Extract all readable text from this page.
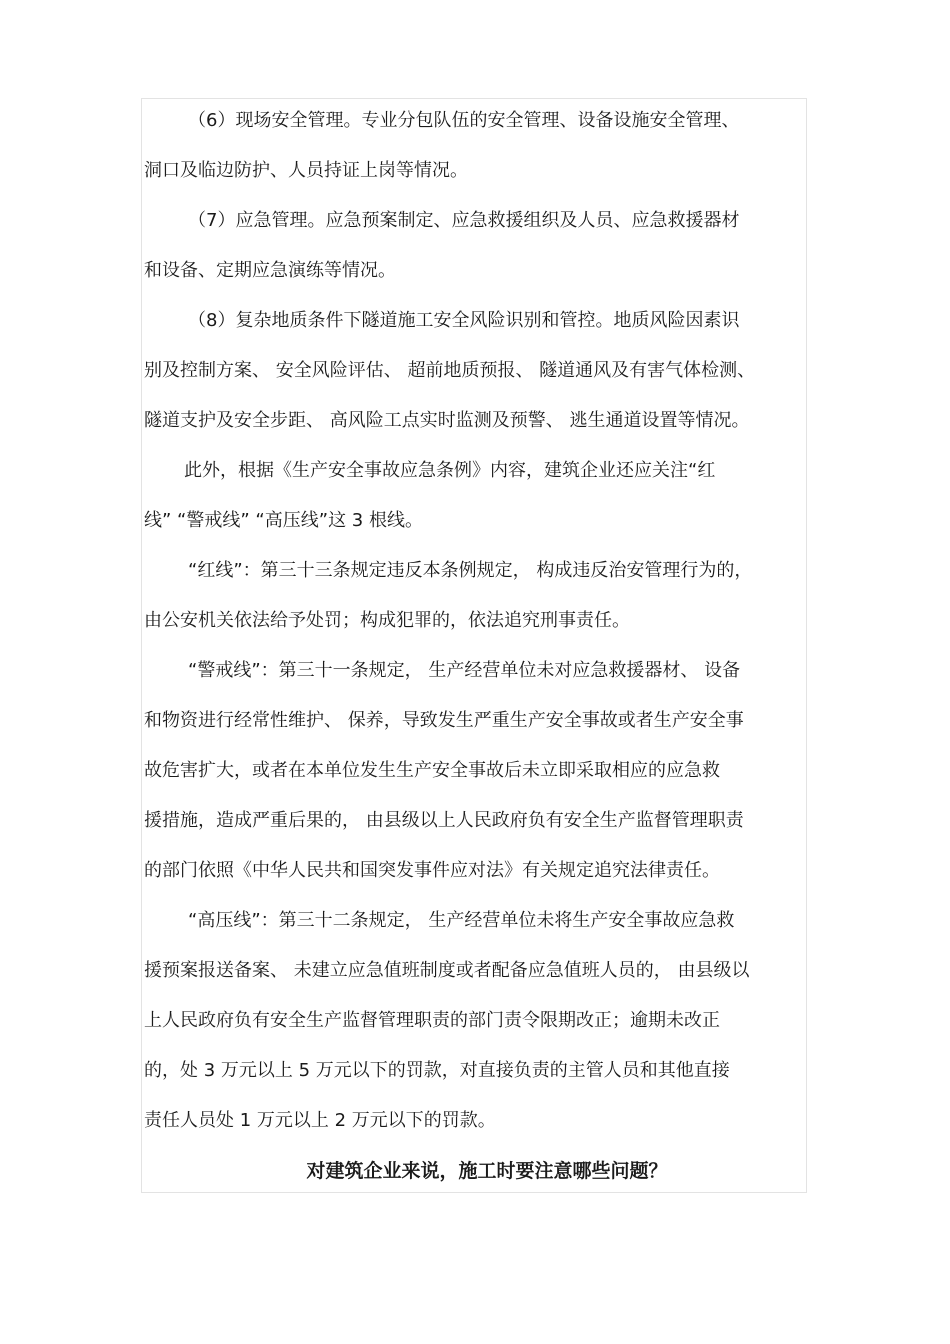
（6）现场安全管理。专业分包队伍的安全管理、设备设施安全管理、
洞口及临边防护、人员持证上岗等情况。
（7）应急管理。应急预案制定、应急救援组织及人员、应急救援器材
和设备、定期应急演练等情况。
（8）复杂地质条件下隧道施工安全风险识别和管控。地质风险因素识
别及控制方案、 安全风险评估、 超前地质预报、 隧道通风及有害气体检测、
隧道支护及安全步距、 高风险工点实时监测及预警、 逃生通道设置等情况。
此外，根据《生产安全事故应急条例》内容，建筑企业还应关注“红
线” “警戒线” “高压线”这 3 根线。
“红线”：第三十三条规定违反本条例规定， 构成违反治安管理行为的，
由公安机关依法给予处罚；构成犯罪的，依法追究刑事责任。
“警戒线”：第三十一条规定， 生产经营单位未对应急救援器材、 设备
和物资进行经常性维护、 保养，导致发生严重生产安全事故或者生产安全事
故危害扩大，或者在本单位发生生产安全事故后未立即采取相应的应急救
援措施，造成严重后果的， 由县级以上人民政府负有安全生产监督管理职责
的部门依照《中华人民共和国突发事件应对法》有关规定追究法律责任。
“高压线”：第三十二条规定， 生产经营单位未将生产安全事故应急救
援预案报送备案、 未建立应急值班制度或者配备应急值班人员的， 由县级以
上人民政府负有安全生产监督管理职责的部门责令限期改正；逾期未改正
的，处 3 万元以上 5 万元以下的罚款，对直接负责的主管人员和其他直接
责任人员处 1 万元以上 2 万元以下的罚款。
对建筑企业来说，施工时要注意哪些问题？
